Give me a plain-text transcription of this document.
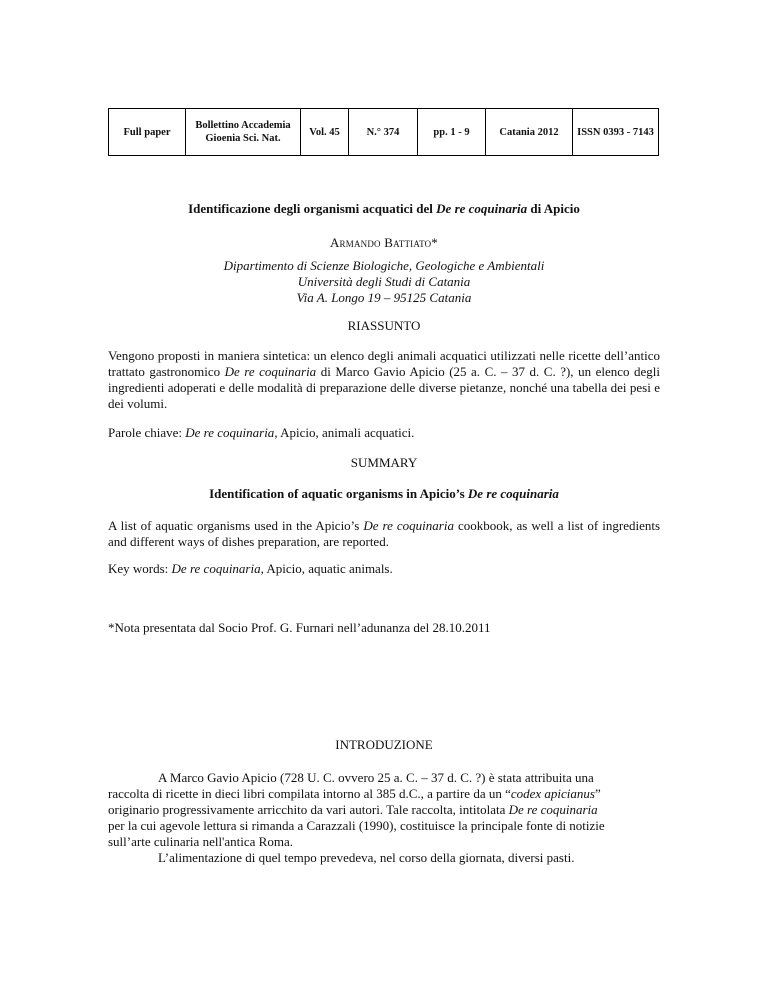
Full paper	Bollettino Accademia Gioenia Sci. Nat.	Vol. 45	N.° 374	pp. 1 - 9	Catania 2012	ISSN 0393 - 7143
Identificazione degli organismi acquatici del De re coquinaria di Apicio
Armando Battiato*
Dipartimento di Scienze Biologiche, Geologiche e Ambientali
Università degli Studi di Catania
Via A. Longo 19 – 95125 Catania
RIASSUNTO
Vengono proposti in maniera sintetica: un elenco degli animali acquatici utilizzati nelle ricette dell’antico trattato gastronomico De re coquinaria di Marco Gavio Apicio (25 a. C. – 37 d. C. ?), un elenco degli ingredienti adoperati e delle modalità di preparazione delle diverse pietanze, nonché una tabella dei pesi e dei volumi.
Parole chiave: De re coquinaria, Apicio, animali acquatici.
SUMMARY
Identification of aquatic organisms in Apicio’s De re coquinaria
A list of aquatic organisms used in the Apicio’s De re coquinaria cookbook, as well a list of ingredients and different ways of dishes preparation, are reported.
Key words: De re coquinaria, Apicio, aquatic animals.
*Nota presentata dal Socio Prof. G. Furnari nell’adunanza del 28.10.2011
INTRODUZIONE
A Marco Gavio Apicio (728 U. C. ovvero 25 a. C. – 37 d. C. ?) è stata attribuita una
raccolta di ricette in dieci libri compilata intorno al 385 d.C., a partire da un “codex apicianus”
originario progressivamente arricchito da vari autori. Tale raccolta, intitolata De re coquinaria
per la cui agevole lettura si rimanda a Carazzali (1990), costituisce la principale fonte di notizie
sull’arte culinaria nell'antica Roma.
L’alimentazione di quel tempo prevedeva, nel corso della giornata, diversi pasti.
